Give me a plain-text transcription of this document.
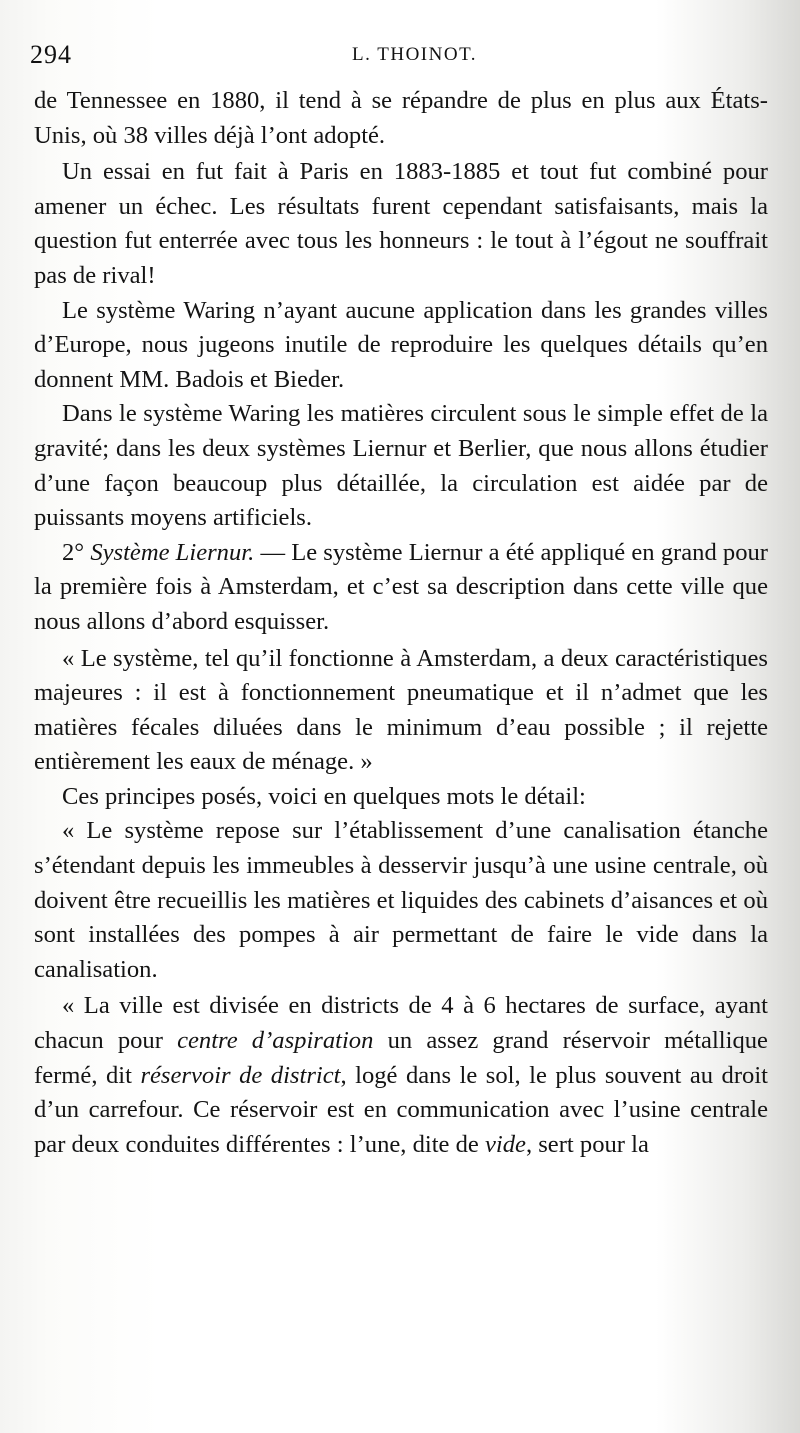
294	L. THOINOT.

de Tennessee en 1880, il tend à se répandre de plus en plus aux États-Unis, où 38 villes déjà l’ont adopté.

Un essai en fut fait à Paris en 1883-1885 et tout fut combiné pour amener un échec. Les résultats furent cependant satisfaisants, mais la question fut enterrée avec tous les honneurs : le tout à l’égout ne souffrait pas de rival!

Le système Waring n’ayant aucune application dans les grandes villes d’Europe, nous jugeons inutile de reproduire les quelques détails qu’en donnent MM. Badois et Bieder.

Dans le système Waring les matières circulent sous le simple effet de la gravité; dans les deux systèmes Liernur et Berlier, que nous allons étudier d’une façon beaucoup plus détaillée, la circulation est aidée par de puissants moyens artificiels.

2° Système Liernur. — Le système Liernur a été appliqué en grand pour la première fois à Amsterdam, et c’est sa description dans cette ville que nous allons d’abord esquisser.

« Le système, tel qu’il fonctionne à Amsterdam, a deux caractéristiques majeures : il est à fonctionnement pneumatique et il n’admet que les matières fécales diluées dans le minimum d’eau possible ; il rejette entièrement les eaux de ménage. »

Ces principes posés, voici en quelques mots le détail:

« Le système repose sur l’établissement d’une canalisation étanche s’étendant depuis les immeubles à desservir jusqu’à une usine centrale, où doivent être recueillis les matières et liquides des cabinets d’aisances et où sont installées des pompes à air permettant de faire le vide dans la canalisation.

« La ville est divisée en districts de 4 à 6 hectares de surface, ayant chacun pour centre d’aspiration un assez grand réservoir métallique fermé, dit réservoir de district, logé dans le sol, le plus souvent au droit d’un carrefour. Ce réservoir est en communication avec l’usine centrale par deux conduites différentes : l’une, dite de vide, sert pour la
